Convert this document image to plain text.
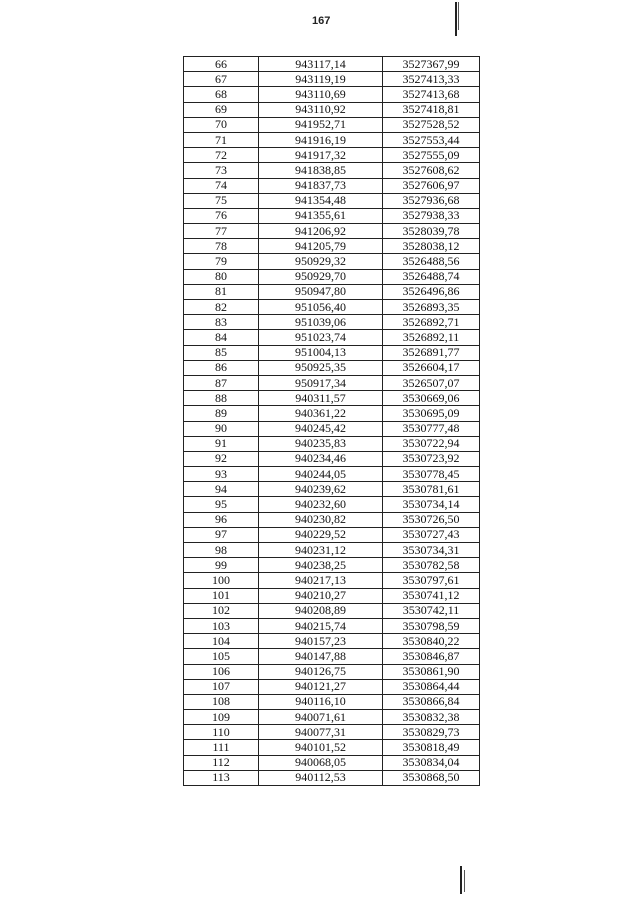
167
66	943117,14	3527367,99
67	943119,19	3527413,33
68	943110,69	3527413,68
69	943110,92	3527418,81
70	941952,71	3527528,52
71	941916,19	3527553,44
72	941917,32	3527555,09
73	941838,85	3527608,62
74	941837,73	3527606,97
75	941354,48	3527936,68
76	941355,61	3527938,33
77	941206,92	3528039,78
78	941205,79	3528038,12
79	950929,32	3526488,56
80	950929,70	3526488,74
81	950947,80	3526496,86
82	951056,40	3526893,35
83	951039,06	3526892,71
84	951023,74	3526892,11
85	951004,13	3526891,77
86	950925,35	3526604,17
87	950917,34	3526507,07
88	940311,57	3530669,06
89	940361,22	3530695,09
90	940245,42	3530777,48
91	940235,83	3530722,94
92	940234,46	3530723,92
93	940244,05	3530778,45
94	940239,62	3530781,61
95	940232,60	3530734,14
96	940230,82	3530726,50
97	940229,52	3530727,43
98	940231,12	3530734,31
99	940238,25	3530782,58
100	940217,13	3530797,61
101	940210,27	3530741,12
102	940208,89	3530742,11
103	940215,74	3530798,59
104	940157,23	3530840,22
105	940147,88	3530846,87
106	940126,75	3530861,90
107	940121,27	3530864,44
108	940116,10	3530866,84
109	940071,61	3530832,38
110	940077,31	3530829,73
111	940101,52	3530818,49
112	940068,05	3530834,04
113	940112,53	3530868,50
